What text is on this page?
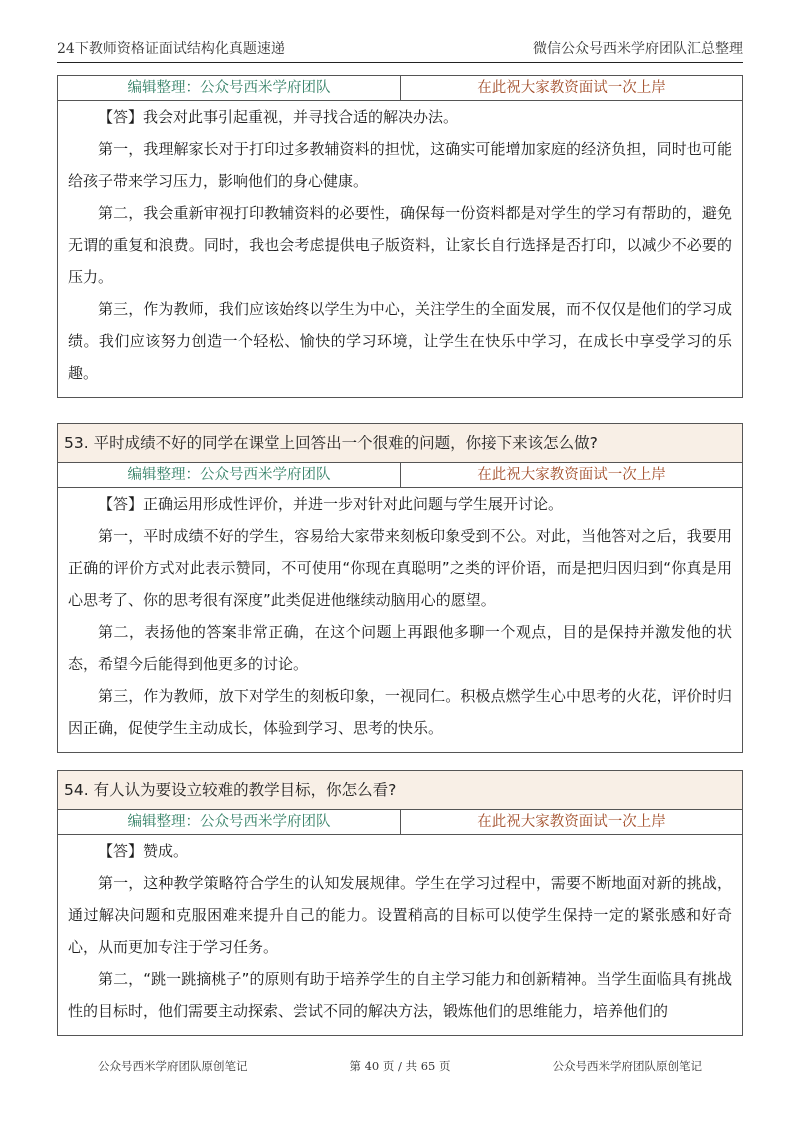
24下教师资格证面试结构化真题速递	微信公众号西米学府团队汇总整理
编辑整理：公众号西米学府团队	在此祝大家教资面试一次上岸

【答】我会对此事引起重视，并寻找合适的解决办法。

第一，我理解家长对于打印过多教辅资料的担忧，这确实可能增加家庭的经济负担，同时也可能给孩子带来学习压力，影响他们的身心健康。

第二，我会重新审视打印教辅资料的必要性，确保每一份资料都是对学生的学习有帮助的，避免无谓的重复和浪费。同时，我也会考虑提供电子版资料，让家长自行选择是否打印，以减少不必要的压力。

第三，作为教师，我们应该始终以学生为中心，关注学生的全面发展，而不仅仅是他们的学习成绩。我们应该努力创造一个轻松、愉快的学习环境，让学生在快乐中学习，在成长中享受学习的乐趣。

53. 平时成绩不好的同学在课堂上回答出一个很难的问题，你接下来该怎么做?
编辑整理：公众号西米学府团队	在此祝大家教资面试一次上岸

【答】正确运用形成性评价，并进一步对针对此问题与学生展开讨论。

第一，平时成绩不好的学生，容易给大家带来刻板印象受到不公。对此，当他答对之后，我要用正确的评价方式对此表示赞同，不可使用“你现在真聪明”之类的评价语，而是把归因归到“你真是用心思考了、你的思考很有深度”此类促进他继续动脑用心的愿望。

第二，表扬他的答案非常正确，在这个问题上再跟他多聊一个观点，目的是保持并激发他的状态，希望今后能得到他更多的讨论。

第三，作为教师，放下对学生的刻板印象，一视同仁。积极点燃学生心中思考的火花，评价时归因正确，促使学生主动成长，体验到学习、思考的快乐。

54. 有人认为要设立较难的教学目标，你怎么看?
编辑整理：公众号西米学府团队	在此祝大家教资面试一次上岸

【答】赞成。

第一，这种教学策略符合学生的认知发展规律。学生在学习过程中，需要不断地面对新的挑战，通过解决问题和克服困难来提升自己的能力。设置稍高的目标可以使学生保持一定的紧张感和好奇心，从而更加专注于学习任务。

第二，“跳一跳摘桃子”的原则有助于培养学生的自主学习能力和创新精神。当学生面临具有挑战性的目标时，他们需要主动探索、尝试不同的解决方法，锻炼他们的思维能力，培养他们的

公众号西米学府团队原创笔记	第 40 页 / 共 65 页	公众号西米学府团队原创笔记
